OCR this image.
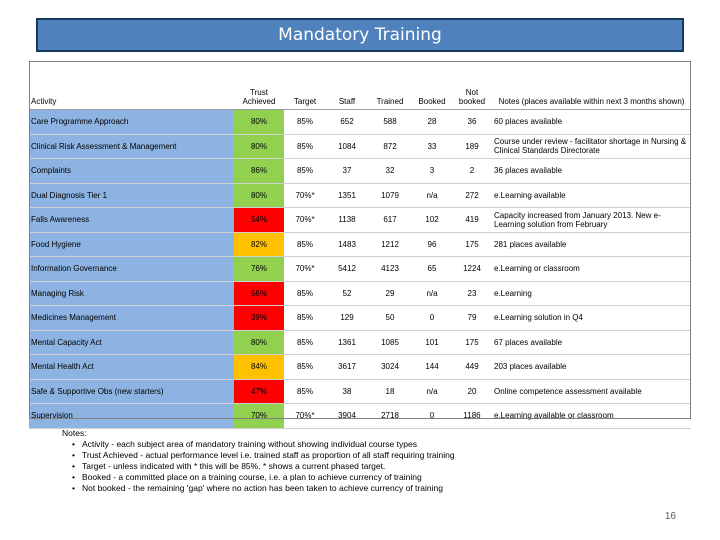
Mandatory Training
Activity	Trust Achieved	Target	Staff	Trained	Booked	Not booked	Notes (places available within next 3 months shown)
Care Programme Approach	80%	85%	652	588	28	36	60 places available
Clinical Risk Assessment & Management	80%	85%	1084	872	33	189	Course under review - facilitator shortage in Nursing & Clinical Standards Directorate
Complaints	86%	85%	37	32	3	2	36 places available
Dual Diagnosis Tier 1	80%	70%*	1351	1079	n/a	272	e.Learning available
Falls Awareness	54%	70%*	1138	617	102	419	Capacity increased from January 2013. New e-Learning solution from February
Food Hygiene	82%	85%	1483	1212	96	175	281 places available
Information Governance	76%	70%*	5412	4123	65	1224	e.Learning or classroom
Managing Risk	56%	85%	52	29	n/a	23	e.Learning
Medicines Management	39%	85%	129	50	0	79	e.Learning solution in Q4
Mental Capacity Act	80%	85%	1361	1085	101	175	67 places available
Mental Health Act	84%	85%	3617	3024	144	449	203 places available
Safe & Supportive Obs (new starters)	47%	85%	38	18	n/a	20	Online competence assessment available
Supervision	70%	70%*	3904	2718	0	1186	e.Learning available or classroom
Notes:
• Activity - each subject area of mandatory training without showing individual course types
• Trust Achieved - actual performance level i.e. trained staff as proportion of all staff requiring training
• Target - unless indicated with * this will be 85%. * shows a current phased target.
• Booked - a committed place on a training course, i.e. a plan to achieve currency of training
• Not booked - the remaining 'gap' where no action has been taken to achieve currency of training
16
